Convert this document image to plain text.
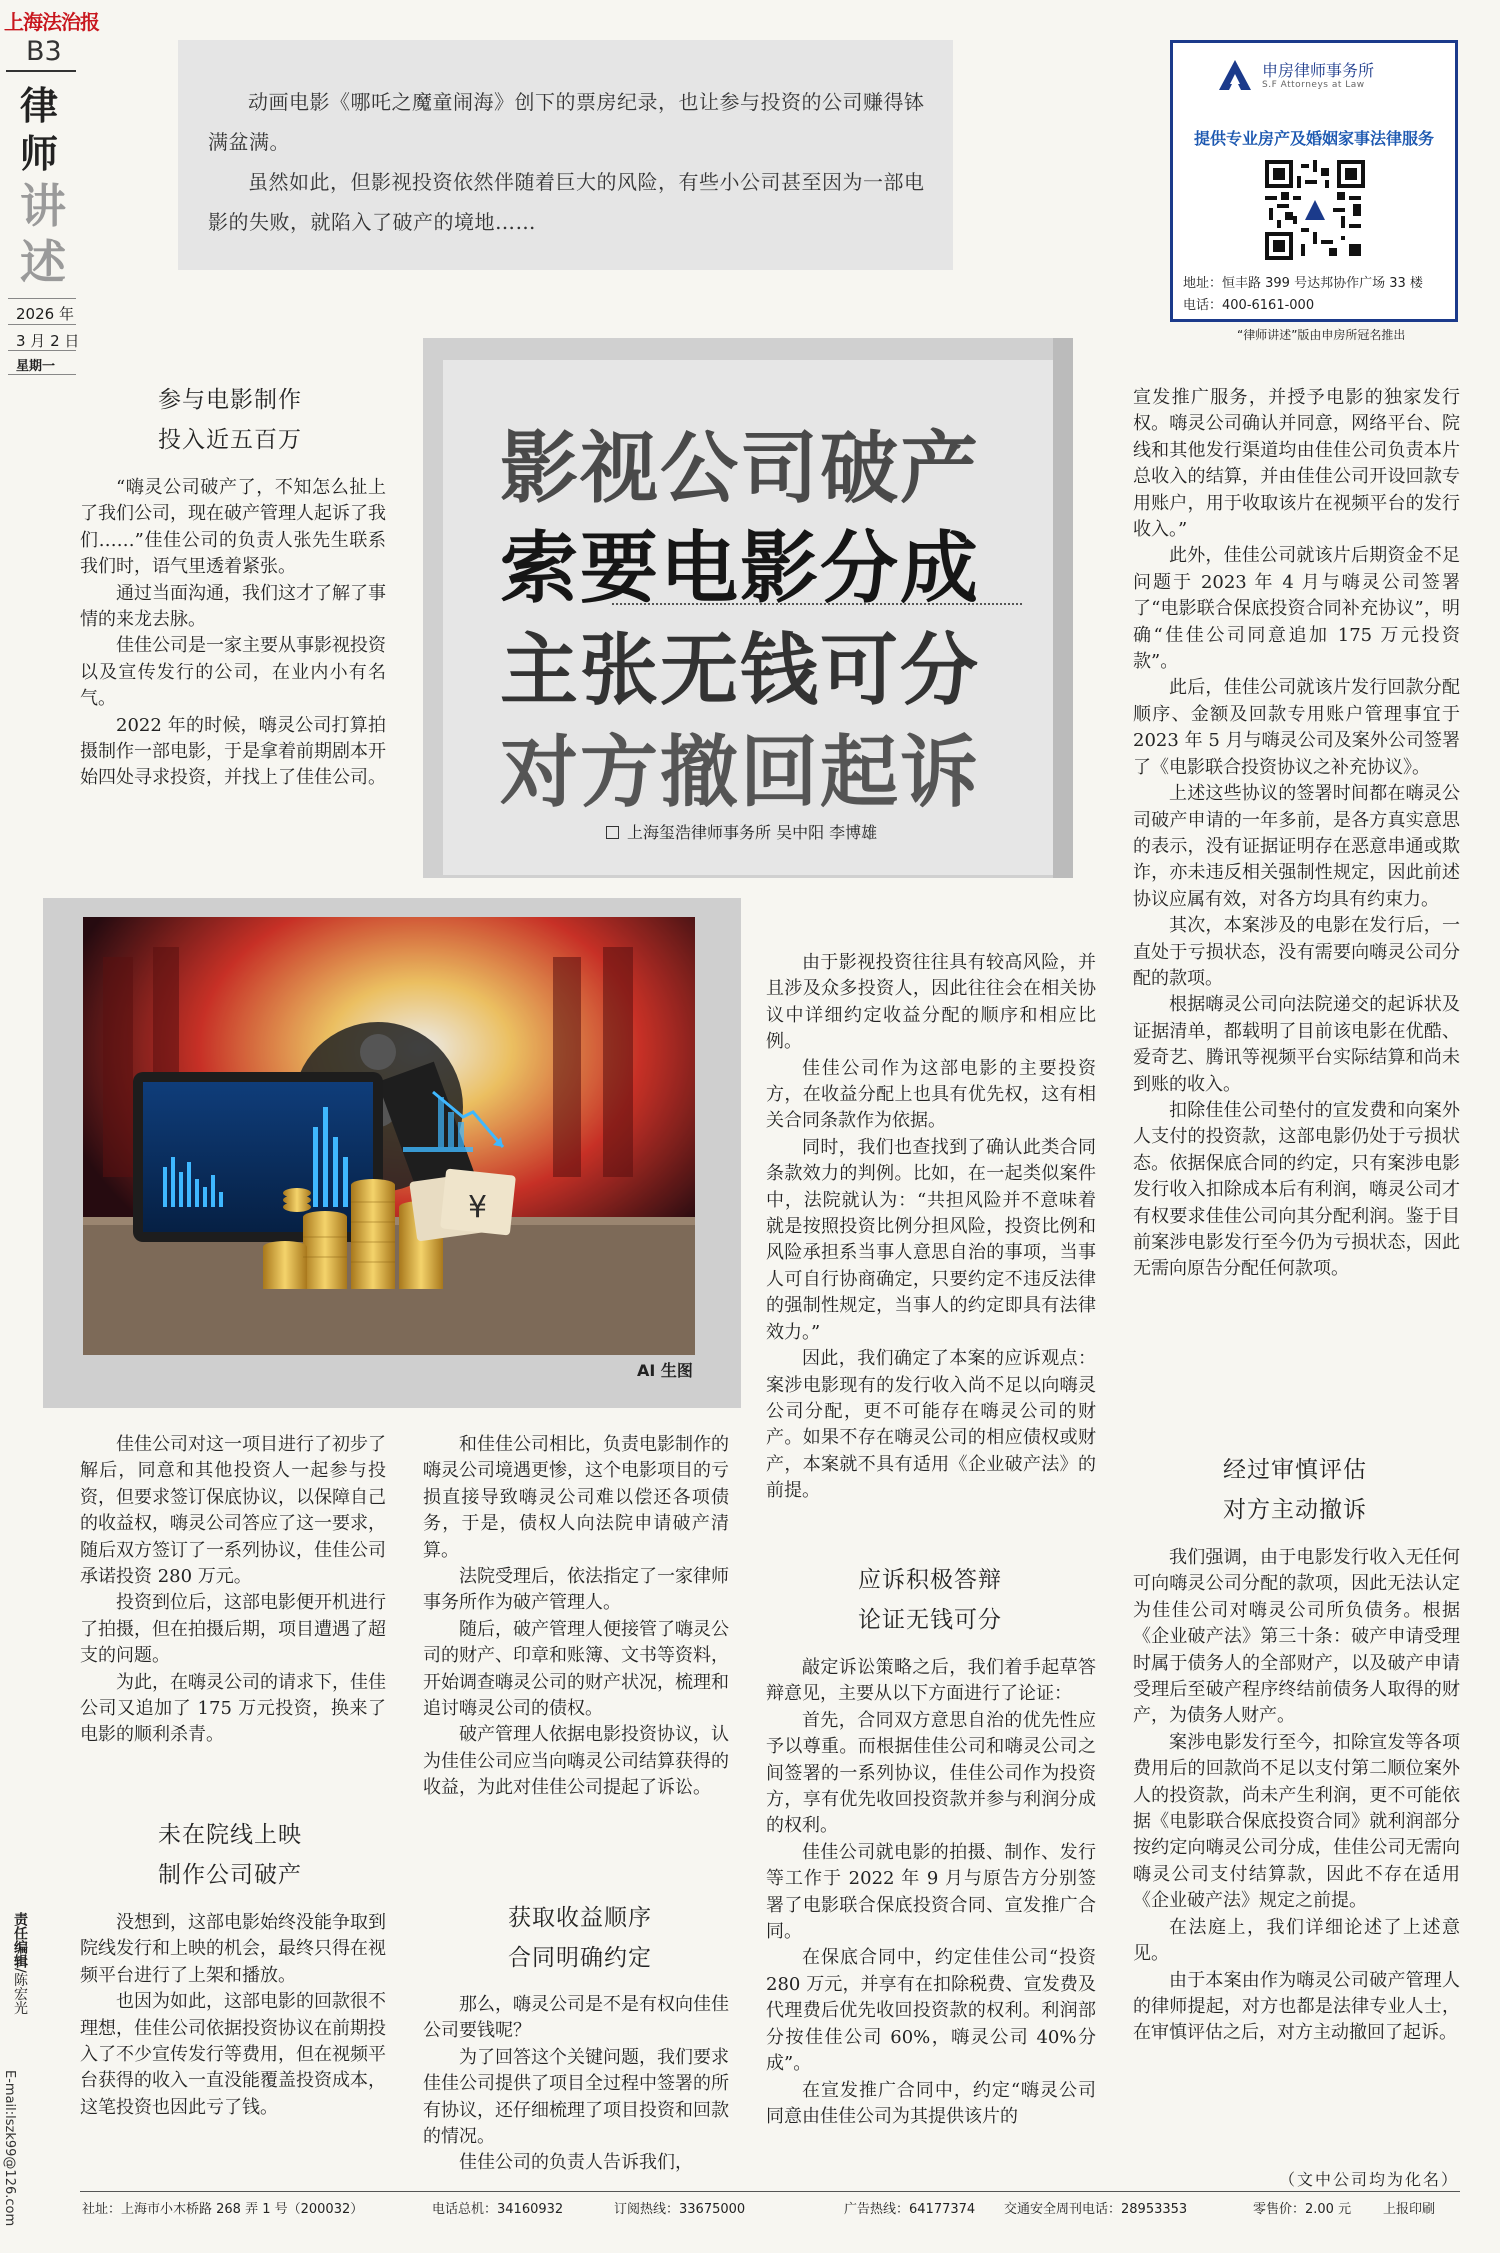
上海法治报
B3
律
师
讲
述
2026 年
3 月 2 日
星期一
责任编辑/陈宏光
E-mail:lszk99@126.com

动画电影《哪吒之魔童闹海》创下的票房纪录，也让参与投资的公司赚得钵满盆满。

虽然如此，但影视投资依然伴随着巨大的风险，有些小公司甚至因为一部电影的失败，就陷入了破产的境地……

申房律师事务所
S.F Attorneys at Law
提供专业房产及婚姻家事法律服务
地址：恒丰路 399 号达邦协作广场 33 楼
电话：400-6161-000
“律师讲述”版由申房所冠名推出
影视公司破产
索要电影分成
主张无钱可分
对方撤回起诉
上海玺浩律师事务所 吴中阳 李博雄
参与电影制作
投入近五百万

“嗨灵公司破产了，不知怎么扯上了我们公司，现在破产管理人起诉了我们……”佳佳公司的负责人张先生联系我们时，语气里透着紧张。

通过当面沟通，我们这才了解了事情的来龙去脉。

佳佳公司是一家主要从事影视投资以及宣传发行的公司，在业内小有名气。

2022 年的时候，嗨灵公司打算拍摄制作一部电影，于是拿着前期剧本开始四处寻求投资，并找上了佳佳公司。

¥
AI 生图

佳佳公司对这一项目进行了初步了解后，同意和其他投资人一起参与投资，但要求签订保底协议，以保障自己的收益权，嗨灵公司答应了这一要求，随后双方签订了一系列协议，佳佳公司承诺投资 280 万元。

投资到位后，这部电影便开机进行了拍摄，但在拍摄后期，项目遭遇了超支的问题。

为此，在嗨灵公司的请求下，佳佳公司又追加了 175 万元投资，换来了电影的顺利杀青。

未在院线上映
制作公司破产

没想到，这部电影始终没能争取到院线发行和上映的机会，最终只得在视频平台进行了上架和播放。

也因为如此，这部电影的回款很不理想，佳佳公司依据投资协议在前期投入了不少宣传发行等费用，但在视频平台获得的收入一直没能覆盖投资成本，这笔投资也因此亏了钱。

和佳佳公司相比，负责电影制作的嗨灵公司境遇更惨，这个电影项目的亏损直接导致嗨灵公司难以偿还各项债务，于是，债权人向法院申请破产清算。

法院受理后，依法指定了一家律师事务所作为破产管理人。

随后，破产管理人便接管了嗨灵公司的财产、印章和账簿、文书等资料，开始调查嗨灵公司的财产状况，梳理和追讨嗨灵公司的债权。

破产管理人依据电影投资协议，认为佳佳公司应当向嗨灵公司结算获得的收益，为此对佳佳公司提起了诉讼。

获取收益顺序
合同明确约定

那么，嗨灵公司是不是有权向佳佳公司要钱呢？

为了回答这个关键问题，我们要求佳佳公司提供了项目全过程中签署的所有协议，还仔细梳理了项目投资和回款的情况。

佳佳公司的负责人告诉我们，

由于影视投资往往具有较高风险，并且涉及众多投资人，因此往往会在相关协议中详细约定收益分配的顺序和相应比例。

佳佳公司作为这部电影的主要投资方，在收益分配上也具有优先权，这有相关合同条款作为依据。

同时，我们也查找到了确认此类合同条款效力的判例。比如，在一起类似案件中，法院就认为：“共担风险并不意味着就是按照投资比例分担风险，投资比例和风险承担系当事人意思自治的事项，当事人可自行协商确定，只要约定不违反法律的强制性规定，当事人的约定即具有法律效力。”

因此，我们确定了本案的应诉观点：案涉电影现有的发行收入尚不足以向嗨灵公司分配，更不可能存在嗨灵公司的财产。如果不存在嗨灵公司的相应债权或财产，本案就不具有适用《企业破产法》的前提。

应诉积极答辩
论证无钱可分

敲定诉讼策略之后，我们着手起草答辩意见，主要从以下方面进行了论证：

首先，合同双方意思自治的优先性应予以尊重。而根据佳佳公司和嗨灵公司之间签署的一系列协议，佳佳公司作为投资方，享有优先收回投资款并参与利润分成的权利。

佳佳公司就电影的拍摄、制作、发行等工作于 2022 年 9 月与原告方分别签署了电影联合保底投资合同、宣发推广合同。

在保底合同中，约定佳佳公司“投资 280 万元，并享有在扣除税费、宣发费及代理费后优先收回投资款的权利。利润部分按佳佳公司 60%，嗨灵公司 40%分成”。

在宣发推广合同中，约定“嗨灵公司同意由佳佳公司为其提供该片的

宣发推广服务，并授予电影的独家发行权。嗨灵公司确认并同意，网络平台、院线和其他发行渠道均由佳佳公司负责本片总收入的结算，并由佳佳公司开设回款专用账户，用于收取该片在视频平台的发行收入。”

此外，佳佳公司就该片后期资金不足问题于 2023 年 4 月与嗨灵公司签署了“电影联合保底投资合同补充协议”，明确“佳佳公司同意追加 175 万元投资款”。

此后，佳佳公司就该片发行回款分配顺序、金额及回款专用账户管理事宜于 2023 年 5 月与嗨灵公司及案外公司签署了《电影联合投资协议之补充协议》。

上述这些协议的签署时间都在嗨灵公司破产申请的一年多前，是各方真实意思的表示，没有证据证明存在恶意串通或欺诈，亦未违反相关强制性规定，因此前述协议应属有效，对各方均具有约束力。

其次，本案涉及的电影在发行后，一直处于亏损状态，没有需要向嗨灵公司分配的款项。

根据嗨灵公司向法院递交的起诉状及证据清单，都载明了目前该电影在优酷、爱奇艺、腾讯等视频平台实际结算和尚未到账的收入。

扣除佳佳公司垫付的宣发费和向案外人支付的投资款，这部电影仍处于亏损状态。依据保底合同的约定，只有案涉电影发行收入扣除成本后有利润，嗨灵公司才有权要求佳佳公司向其分配利润。鉴于目前案涉电影发行至今仍为亏损状态，因此无需向原告分配任何款项。

经过审慎评估
对方主动撤诉

我们强调，由于电影发行收入无任何可向嗨灵公司分配的款项，因此无法认定为佳佳公司对嗨灵公司所负债务。根据《企业破产法》第三十条：破产申请受理时属于债务人的全部财产，以及破产申请受理后至破产程序终结前债务人取得的财产，为债务人财产。

案涉电影发行至今，扣除宣发等各项费用后的回款尚不足以支付第二顺位案外人的投资款，尚未产生利润，更不可能依据《电影联合保底投资合同》就利润部分按约定向嗨灵公司分成，佳佳公司无需向嗨灵公司支付结算款，因此不存在适用《企业破产法》规定之前提。

在法庭上，我们详细论述了上述意见。

由于本案由作为嗨灵公司破产管理人的律师提起，对方也都是法律专业人士，在审慎评估之后，对方主动撤回了起诉。

（文中公司均为化名）
社址：上海市小木桥路 268 弄 1 号（200032）	电话总机：34160932	订阅热线：33675000	广告热线：64177374 交通安全周刊电话：28953353	零售价：2.00 元 上报印刷
